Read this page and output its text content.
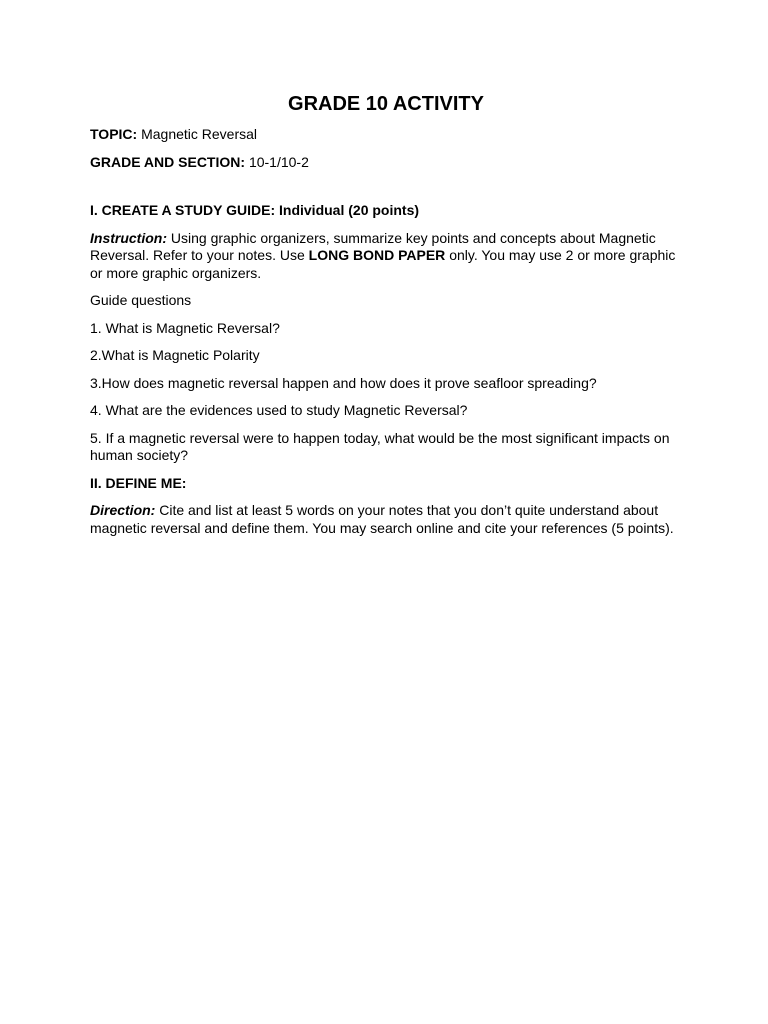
GRADE 10 ACTIVITY

TOPIC: Magnetic Reversal

GRADE AND SECTION: 10-1/10-2

I. CREATE A STUDY GUIDE: Individual (20 points)

Instruction: Using graphic organizers, summarize key points and concepts about Magnetic Reversal. Refer to your notes. Use LONG BOND PAPER only. You may use 2 or more graphic or more graphic organizers.

Guide questions

1. What is Magnetic Reversal?

2.What is Magnetic Polarity

3.How does magnetic reversal happen and how does it prove seafloor spreading?

4. What are the evidences used to study Magnetic Reversal?

5. If a magnetic reversal were to happen today, what would be the most significant impacts on human society?

II. DEFINE ME:

Direction: Cite and list at least 5 words on your notes that you don’t quite understand about magnetic reversal and define them. You may search online and cite your references (5 points).
